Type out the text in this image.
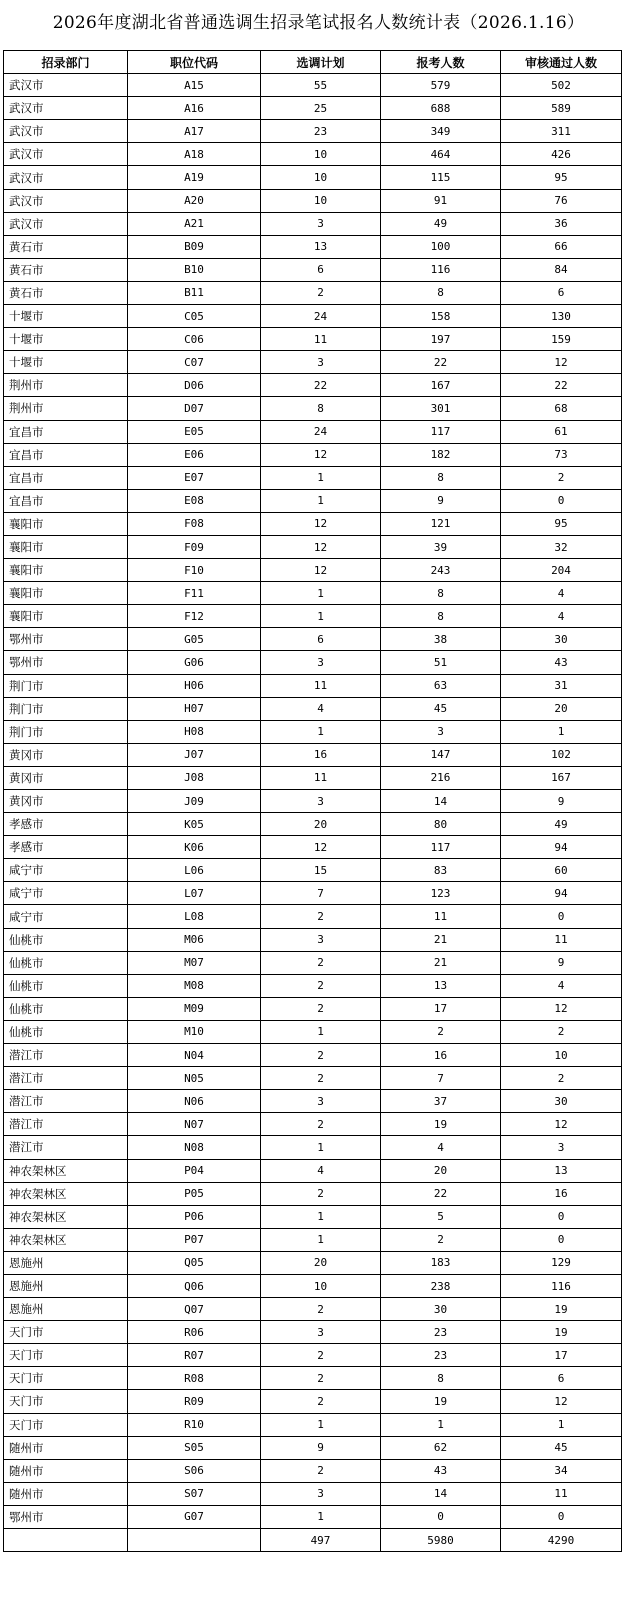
2026年度湖北省普通选调生招录笔试报名人数统计表（2026.1.16）
招录部门	职位代码	选调计划	报考人数	审核通过人数
武汉市	A15	55	579	502
武汉市	A16	25	688	589
武汉市	A17	23	349	311
武汉市	A18	10	464	426
武汉市	A19	10	115	95
武汉市	A20	10	91	76
武汉市	A21	3	49	36
黄石市	B09	13	100	66
黄石市	B10	6	116	84
黄石市	B11	2	8	6
十堰市	C05	24	158	130
十堰市	C06	11	197	159
十堰市	C07	3	22	12
荆州市	D06	22	167	22
荆州市	D07	8	301	68
宜昌市	E05	24	117	61
宜昌市	E06	12	182	73
宜昌市	E07	1	8	2
宜昌市	E08	1	9	0
襄阳市	F08	12	121	95
襄阳市	F09	12	39	32
襄阳市	F10	12	243	204
襄阳市	F11	1	8	4
襄阳市	F12	1	8	4
鄂州市	G05	6	38	30
鄂州市	G06	3	51	43
荆门市	H06	11	63	31
荆门市	H07	4	45	20
荆门市	H08	1	3	1
黄冈市	J07	16	147	102
黄冈市	J08	11	216	167
黄冈市	J09	3	14	9
孝感市	K05	20	80	49
孝感市	K06	12	117	94
咸宁市	L06	15	83	60
咸宁市	L07	7	123	94
咸宁市	L08	2	11	0
仙桃市	M06	3	21	11
仙桃市	M07	2	21	9
仙桃市	M08	2	13	4
仙桃市	M09	2	17	12
仙桃市	M10	1	2	2
潜江市	N04	2	16	10
潜江市	N05	2	7	2
潜江市	N06	3	37	30
潜江市	N07	2	19	12
潜江市	N08	1	4	3
神农架林区	P04	4	20	13
神农架林区	P05	2	22	16
神农架林区	P06	1	5	0
神农架林区	P07	1	2	0
恩施州	Q05	20	183	129
恩施州	Q06	10	238	116
恩施州	Q07	2	30	19
天门市	R06	3	23	19
天门市	R07	2	23	17
天门市	R08	2	8	6
天门市	R09	2	19	12
天门市	R10	1	1	1
随州市	S05	9	62	45
随州市	S06	2	43	34
随州市	S07	3	14	11
鄂州市	G07	1	0	0
		497	5980	4290
